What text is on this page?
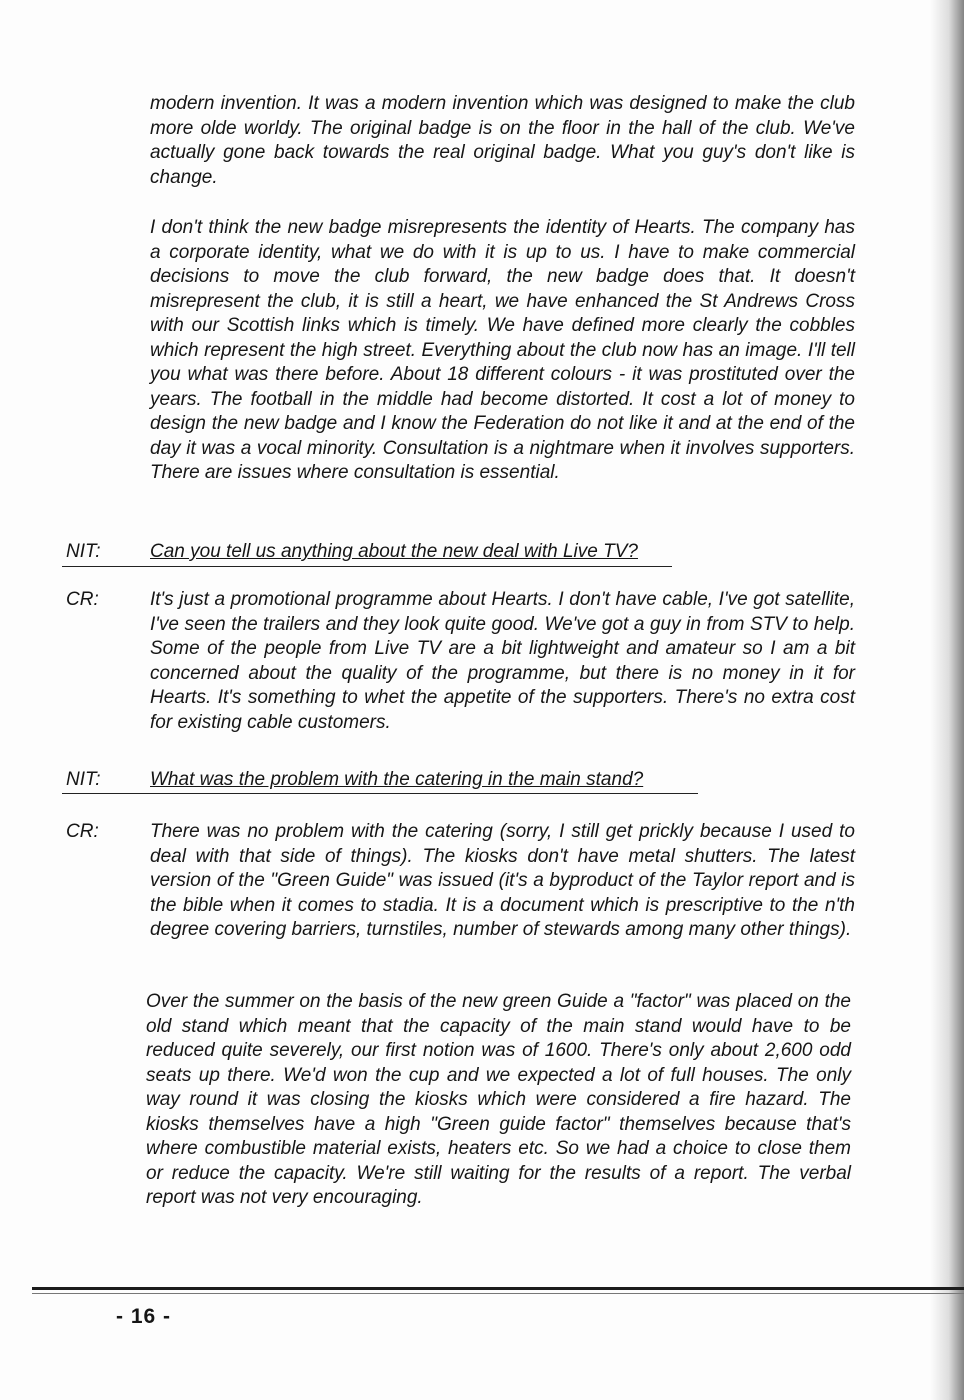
modern invention. It was a modern invention which was designed to make the club more olde worldy. The original badge is on the floor in the hall of the club. We've actually gone back towards the real original badge. What you guy's don't like is change.

I don't think the new badge misrepresents the identity of Hearts. The company has a corporate identity, what we do with it is up to us. I have to make commercial decisions to move the club forward, the new badge does that. It doesn't misrepresent the club, it is still a heart, we have enhanced the St Andrews Cross with our Scottish links which is timely. We have defined more clearly the cobbles which represent the high street. Everything about the club now has an image. I'll tell you what was there before. About 18 different colours - it was prostituted over the years. The football in the middle had become distorted. It cost a lot of money to design the new badge and I know the Federation do not like it and at the end of the day it was a vocal minority. Consultation is a nightmare when it involves supporters. There are issues where consultation is essential.

NIT:	Can you tell us anything about the new deal with Live TV?

CR:	It's just a promotional programme about Hearts. I don't have cable, I've got satellite, I've seen the trailers and they look quite good. We've got a guy in from STV to help. Some of the people from Live TV are a bit lightweight and amateur so I am a bit concerned about the quality of the programme, but there is no money in it for Hearts. It's something to whet the appetite of the supporters. There's no extra cost for existing cable customers.

NIT:	What was the problem with the catering in the main stand?

CR:	There was no problem with the catering (sorry, I still get prickly because I used to deal with that side of things). The kiosks don't have metal shutters. The latest version of the "Green Guide" was issued (it's a byproduct of the Taylor report and is the bible when it comes to stadia. It is a document which is prescriptive to the n'th degree covering barriers, turnstiles, number of stewards among many other things).

Over the summer on the basis of the new green Guide a "factor" was placed on the old stand which meant that the capacity of the main stand would have to be reduced quite severely, our first notion was of 1600. There's only about 2,600 odd seats up there. We'd won the cup and we expected a lot of full houses. The only way round it was closing the kiosks which were considered a fire hazard. The kiosks themselves have a high "Green guide factor" themselves because that's where combustible material exists, heaters etc. So we had a choice to close them or reduce the capacity. We're still waiting for the results of a report. The verbal report was not very encouraging.

- 16 -
